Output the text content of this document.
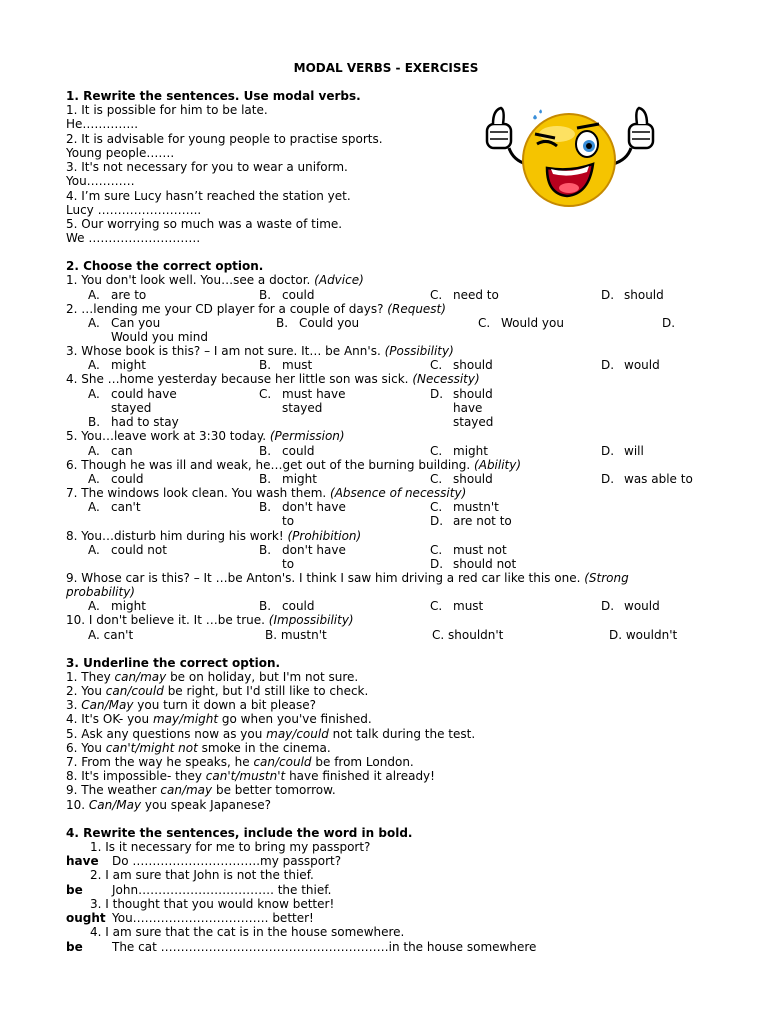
MODAL VERBS - EXERCISES
1. Rewrite the sentences. Use modal verbs.
1. It is possible for him to be late.
He…………..
2. It is advisable for young people to practise sports.
Young people…….
3. It's not necessary for you to wear a uniform.
You…………
4. I’m sure Lucy hasn’t reached the station yet.
Lucy ……………………..
5. Our worrying so much was a waste of time.
We ……………………….
2. Choose the correct option.
1. You don't look well. You…see a doctor. (Advice)
A. are to	B. could	C. need to	D. should
2. …lending me your CD player for a couple of days? (Request)
A. Can you	B. Could you	C. Would you	D.
Would you mind
3. Whose book is this? – I am not sure. It… be Ann's. (Possibility)
A. might	B. must	C. should	D. would
4. She …home yesterday because her little son was sick. (Necessity)
A. could have
stayed
B. had to stay
C. must have
stayed
D. should
have
stayed
5. You…leave work at 3:30 today. (Permission)
A. can	B. could	C. might	D. will
6. Though he was ill and weak, he…get out of the burning building. (Ability)
A. could	B. might	C. should	D. was able to
7. The windows look clean. You wash them. (Absence of necessity)
A. can't	B. don't have
to
C. mustn't
D. are not to
8. You…disturb him during his work! (Prohibition)
A. could not	B. don't have
to
C. must not
D. should not
9. Whose car is this? – It …be Anton's. I think I saw him driving a red car like this one. (Strong
probability)
A. might	B. could	C. must	D. would
10. I don't believe it. It …be true. (Impossibility)
A. can't	B. mustn't	C. shouldn't	D. wouldn't
3. Underline the correct option.
1. They can/may be on holiday, but I'm not sure.
2. You can/could be right, but I'd still like to check.
3. Can/May you turn it down a bit please?
4. It's OK- you may/might go when you've finished.
5. Ask any questions now as you may/could not talk during the test.
6. You can't/might not smoke in the cinema.
7. From the way he speaks, he can/could be from London.
8. It's impossible- they can't/mustn't have finished it already!
9. The weather can/may be better tomorrow.
10. Can/May you speak Japanese?
4. Rewrite the sentences, include the word in bold.
1. Is it necessary for me to bring my passport?
have Do …………………………..my passport?
2. I am sure that John is not the thief.
be John……………………………. the thief.
3. I thought that you would know better!
ought You……………………………. better!
4. I am sure that the cat is in the house somewhere.
be The cat …………………………………………………in the house somewhere
